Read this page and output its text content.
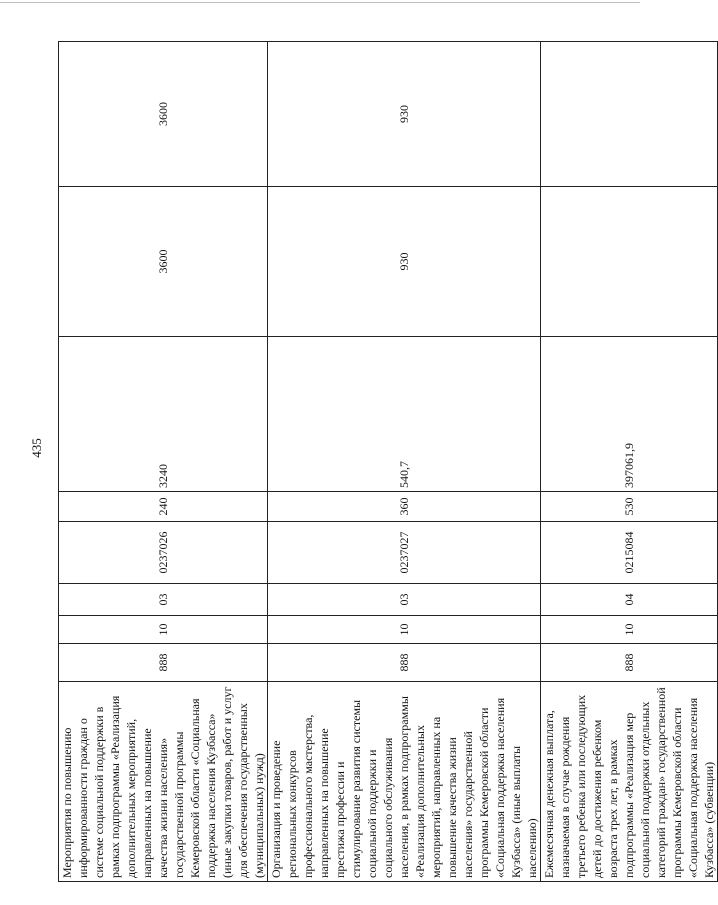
435
Мероприятия по повышению информированности граждан о системе социальной поддержки в рамках подпрограммы «Реализация дополнительных мероприятий, направленных на повышение качества жизни населения» государственной программы Кемеровской области «Социальная поддержка населения Кузбасса» (иные закупки товаров, работ и услуг для обеспечения государственных (муниципальных) нужд)	888	10	03	0237026	240	3240	3600	3600
Организация и проведение региональных конкурсов профессионального мастерства, направленных на повышение престижа профессии и стимулирование развития системы социальной поддержки и социального обслуживания населения, в рамках подпрограммы «Реализация дополнительных мероприятий, направленных на повышение качества жизни населения» государственной программы Кемеровской области «Социальная поддержка населения Кузбасса» (иные выплаты населению)	888	10	03	0237027	360	540,7	930	930
Ежемесячная денежная выплата, назначаемая в случае рождения третьего ребенка или последующих детей до достижения ребенком возраста трех лет, в рамках подпрограммы «Реализация мер социальной поддержки отдельных категорий граждан» государственной программы Кемеровской области «Социальная поддержка населения Кузбасса» (субвенции)	888	10	04	0215084	530	397061,9		
